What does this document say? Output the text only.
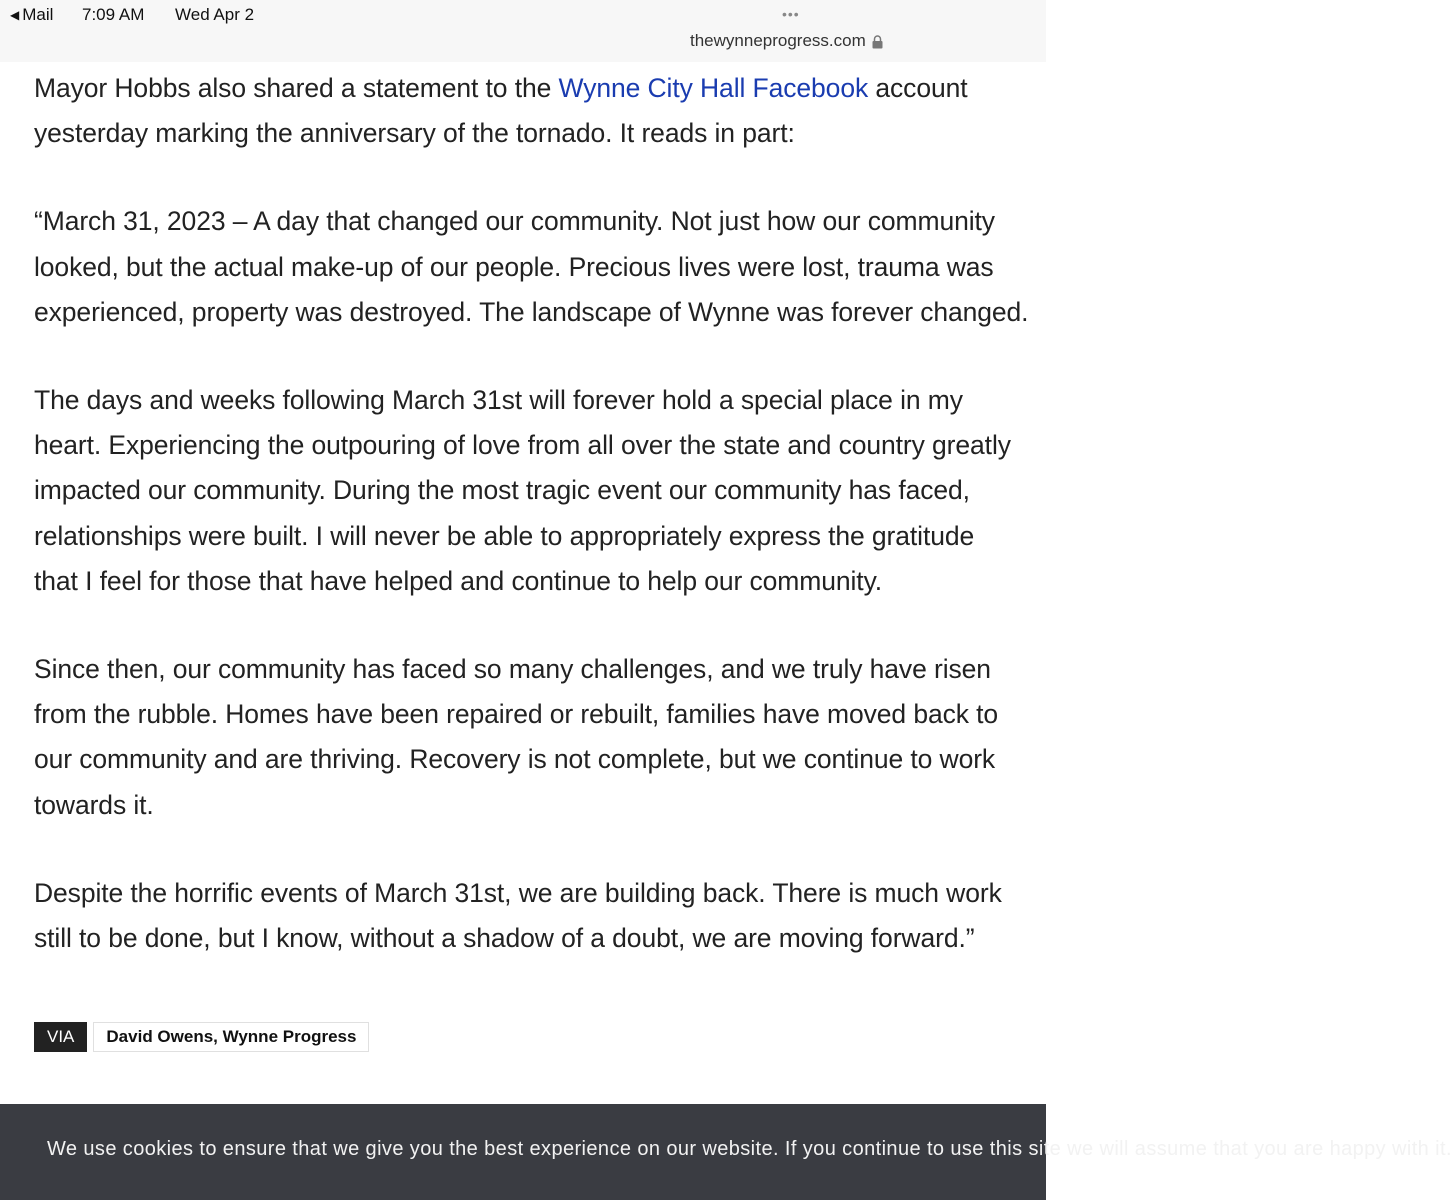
◀ Mail 7:09 AM Wed Apr 2	•••
thewynneprogress.com

Mayor Hobbs also shared a statement to the Wynne City Hall Facebook account
yesterday marking the anniversary of the tornado. It reads in part:

“March 31, 2023 – A day that changed our community. Not just how our community
looked, but the actual make-up of our people. Precious lives were lost, trauma was
experienced, property was destroyed. The landscape of Wynne was forever changed.

The days and weeks following March 31st will forever hold a special place in my
heart. Experiencing the outpouring of love from all over the state and country greatly
impacted our community. During the most tragic event our community has faced,
relationships were built. I will never be able to appropriately express the gratitude
that I feel for those that have helped and continue to help our community.

Since then, our community has faced so many challenges, and we truly have risen
from the rubble. Homes have been repaired or rebuilt, families have moved back to
our community and are thriving. Recovery is not complete, but we continue to work
towards it.

Despite the horrific events of March 31st, we are building back. There is much work
still to be done, but I know, without a shadow of a doubt, we are moving forward.”

VIA	David Owens, Wynne Progress
We use cookies to ensure that we give you the best experience on our website. If you continue to use this site we will assume that you are happy with it.
